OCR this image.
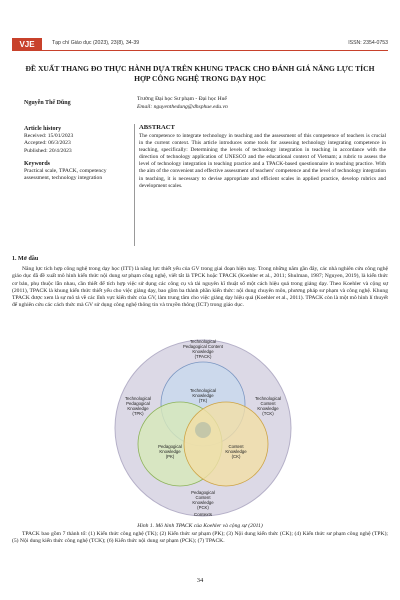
VJE	Tạp chí Giáo dục (2023), 23(8), 34-39	ISSN: 2354-0753
ĐỀ XUẤT THANG ĐO THỰC HÀNH DỰA TRÊN KHUNG TPACK CHO ĐÁNH GIÁ NĂNG LỰC TÍCH HỢP CÔNG NGHỆ TRONG DẠY HỌC
Nguyễn Thế Dũng
Trường Đại học Sư phạm - Đại học Huế
Email: nguyenthedung@dhsphue.edu.vn
Article history
Received: 15/01/2023
Accepted: 06/3/2023
Published: 20/4/2023
Keywords
Practical scale, TPACK, competency assessment, technology integration
ABSTRACT
The competence to integrate technology in teaching and the assessment of this competence of teachers is crucial in the current context. This article introduces some tools for assessing technology integrating competence in teaching, specifically: Determining the levels of technology integration in teaching in accordance with the direction of technology application of UNESCO and the educational context of Vietnam; a rubric to assess the level of technology integration in teaching practice and a TPACK-based questionnaire in teaching practice. With the aim of the convenient and effective assessment of teachers' competence and the level of technology integration in teaching, it is necessary to devise appropriate and efficient scales in applied practice, develop rubrics and development scales.
1. Mở đầu
Năng lực tích hợp công nghệ trong dạy học (ITT) là năng lực thiết yếu của GV trong giai đoạn hiện nay. Trong những năm gần đây, các nhà nghiên cứu công nghệ giáo dục đã đề xuất mô hình kiến thức nội dung sư phạm công nghệ, viết tắt là TPCK hoặc TPACK (Koehler et al., 2011; Shulman, 1987; Nguyen, 2019), là kiến thức cơ bản, phụ thuộc lẫn nhau, cần thiết để tích hợp việc sử dụng các công cụ và tài nguyên kĩ thuật số một cách hiệu quả trong giảng dạy. Theo Koehler và cộng sự (2011), TPACK là khung kiến thức thiết yếu cho việc giảng dạy, bao gồm ba thành phần kiến thức: nội dung chuyên môn, phương pháp sư phạm và công nghệ. Khung TPACK được xem là sự mô tả về các lĩnh vực kiến thức của GV, làm trung tâm cho việc giảng dạy hiệu quả (Koehler et al., 2011). TPACK còn là một mô hình lí thuyết để nghiên cứu các cách thức mà GV sử dụng công nghệ thông tin và truyền thông (ICT) trong giáo dục.
Technological Pedagogical Content Knowledge (TPACK)
Technological Knowledge (TK)
Technological Pedagogical Knowledge (TPK)
Technological Content Knowledge (TCK)
Pedagogical Knowledge (PK)
Content Knowledge (CK)
Pedagogical Content Knowledge (PCK)
Contexts
Hình 1. Mô hình TPACK của Koehler và cộng sự (2011)
TPACK bao gồm 7 thành tố: (1) Kiến thức công nghệ (TK); (2) Kiến thức sư phạm (PK); (3) Nội dung kiến thức (CK); (4) Kiến thức sư phạm công nghệ (TPK); (5) Nội dung kiến thức công nghệ (TCK); (6) Kiến thức nội dung sư phạm (PCK); (7) TPACK.
34
